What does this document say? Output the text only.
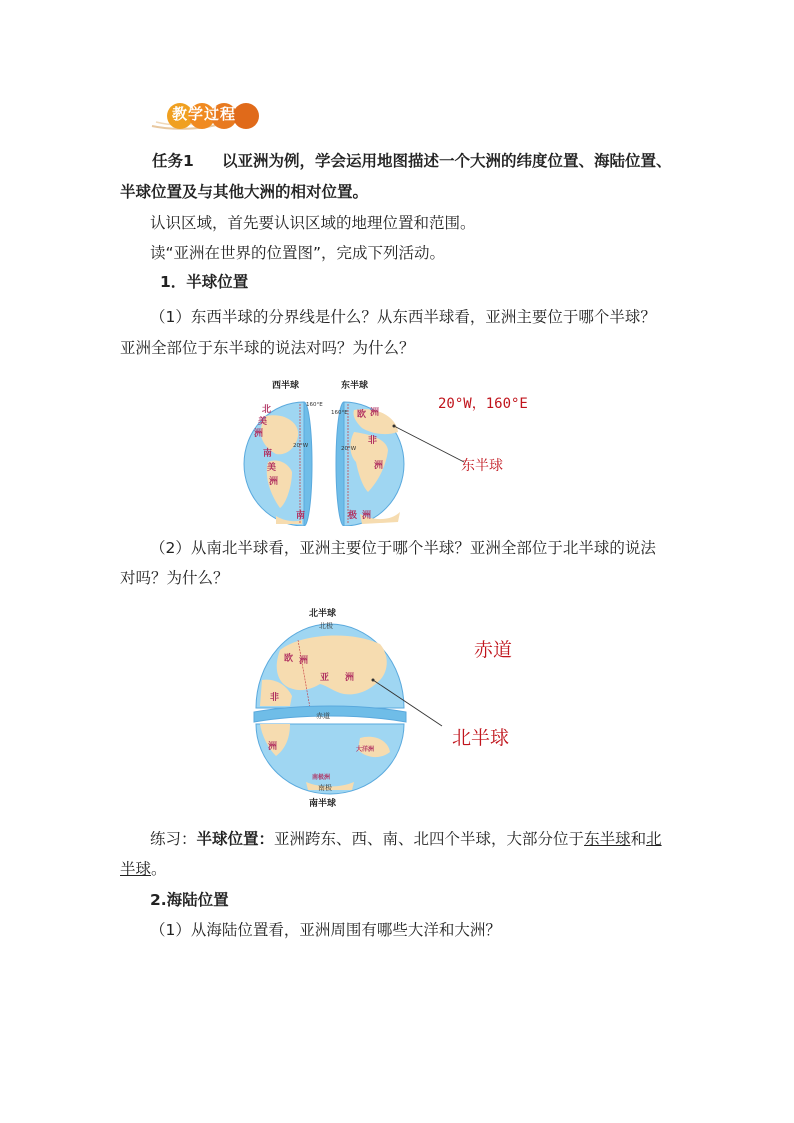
教学过程
任务1 以亚洲为例，学会运用地图描述一个大洲的纬度位置、海陆位置、
半球位置及与其他大洲的相对位置。
认识区域，首先要认识区域的地理位置和范围。
读“亚洲在世界的位置图”，完成下列活动。
1．半球位置
（1）东西半球的分界线是什么？从东西半球看，亚洲主要位于哪个半球？
亚洲全部位于东半球的说法对吗？为什么？
西半球	东半球
160°E
160°E
20°W	20°W
北
美
洲
南
美
洲
南
欧 洲
非
洲
极 洲
20°W，160°E
东半球
（2）从南北半球看，亚洲主要位于哪个半球？亚洲全部位于北半球的说法
对吗？为什么？
北半球
北极
赤道
南极
南半球
欧 洲
亚 洲
非
洲	大洋洲
南极洲
赤道
北半球
练习：半球位置：亚洲跨东、西、南、北四个半球，大部分位于东半球和北
半球。
2.海陆位置
（1）从海陆位置看，亚洲周围有哪些大洋和大洲？
